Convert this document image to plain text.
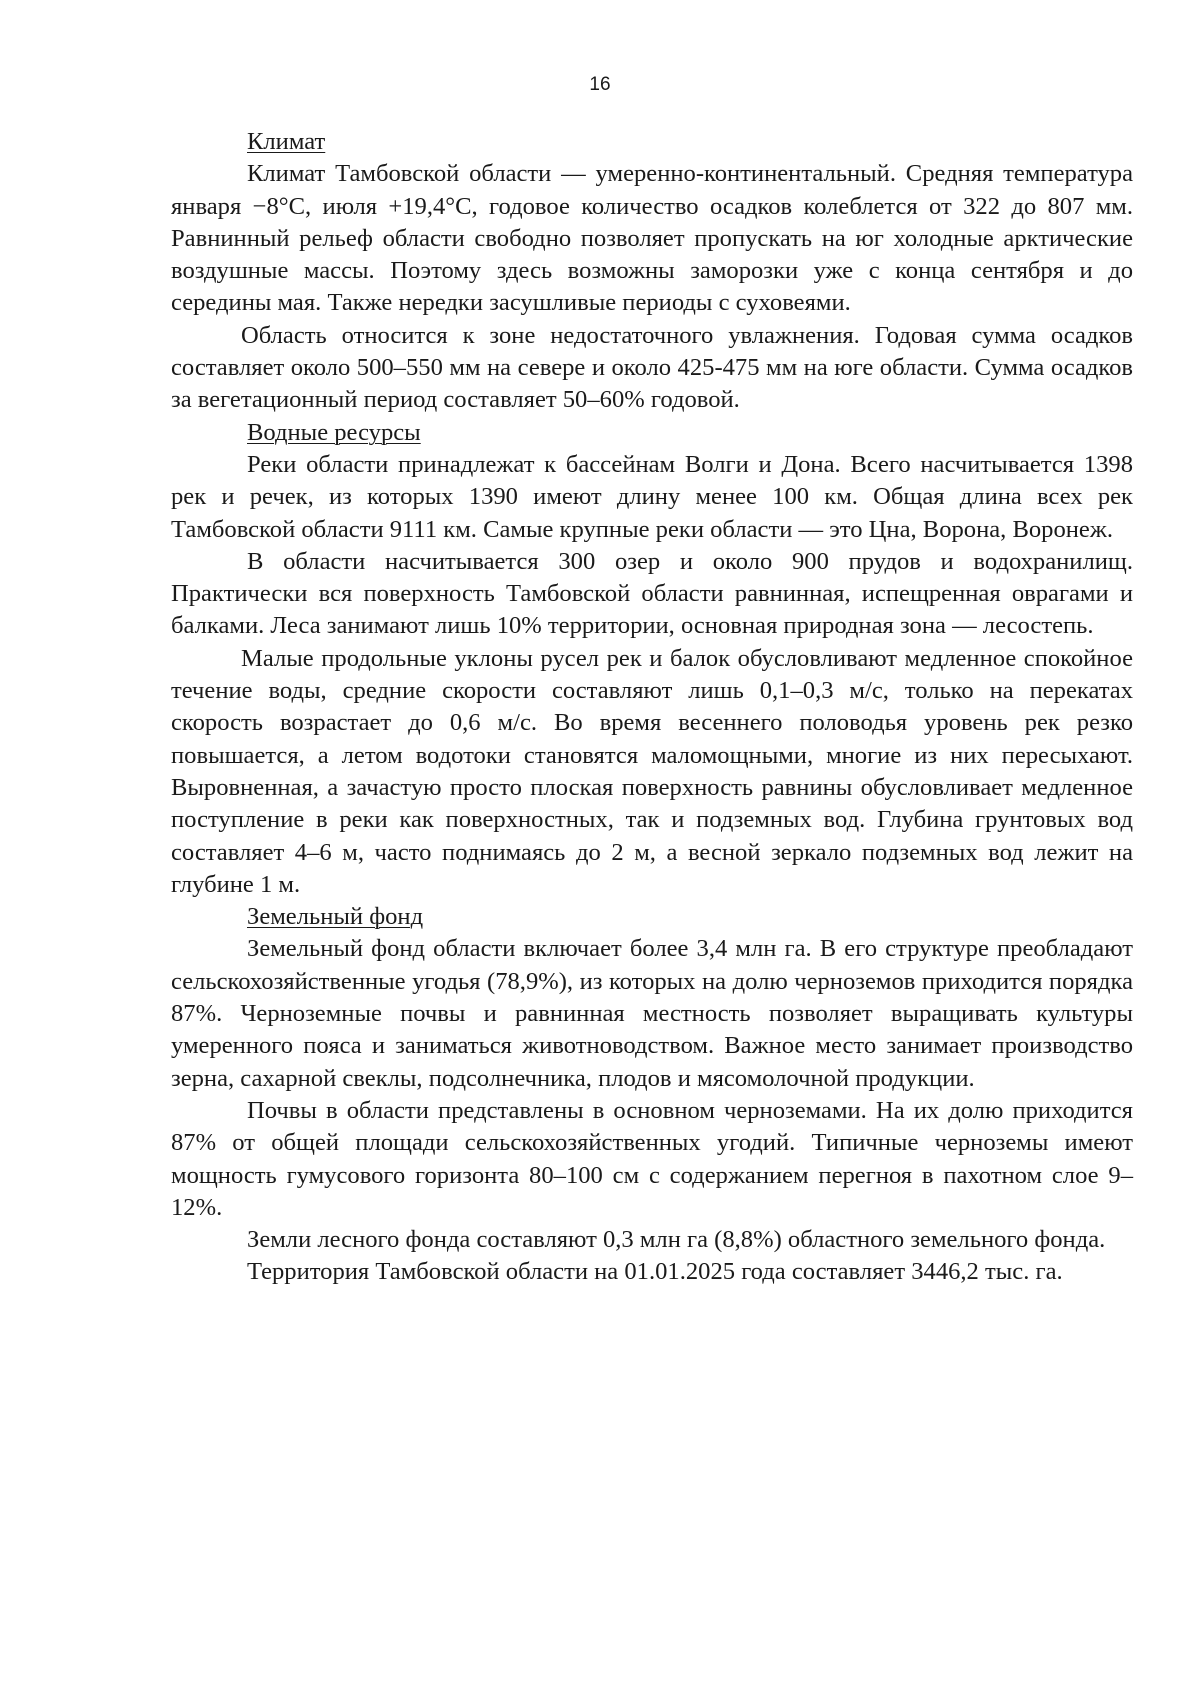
16

Климат

Климат Тамбовской области — умеренно-континентальный. Средняя температура января −8°С, июля +19,4°С, годовое количество осадков колеблется от 322 до 807 мм. Равнинный рельеф области свободно позволяет пропускать на юг холодные арктические воздушные массы. Поэтому здесь возможны заморозки уже с конца сентября и до середины мая. Также нередки засушливые периоды с суховеями.

Область относится к зоне недостаточного увлажнения. Годовая сумма осадков составляет около 500–550 мм на севере и около 425-475 мм на юге области. Сумма осадков за вегетационный период составляет 50–60% годовой.

Водные ресурсы

Реки области принадлежат к бассейнам Волги и Дона. Всего насчитывается 1398 рек и речек, из которых 1390 имеют длину менее 100 км. Общая длина всех рек Тамбовской области 9111 км. Самые крупные реки области — это Цна, Ворона, Воронеж.

В области насчитывается 300 озер и около 900 прудов и водохранилищ. Практически вся поверхность Тамбовской области равнинная, испещренная оврагами и балками. Леса занимают лишь 10% территории, основная природная зона — лесостепь.

Малые продольные уклоны русел рек и балок обусловливают медленное спокойное течение воды, средние скорости составляют лишь 0,1–0,3 м/с, только на перекатах скорость возрастает до 0,6 м/с. Во время весеннего половодья уровень рек резко повышается, а летом водотоки становятся маломощными, многие из них пересыхают. Выровненная, а зачастую просто плоская поверхность равнины обусловливает медленное поступление в реки как поверхностных, так и подземных вод. Глубина грунтовых вод составляет 4–6 м, часто поднимаясь до 2 м, а весной зеркало подземных вод лежит на глубине 1 м.

Земельный фонд

Земельный фонд области включает более 3,4 млн га. В его структуре преобладают сельскохозяйственные угодья (78,9%), из которых на долю черноземов приходится порядка 87%. Черноземные почвы и равнинная местность позволяет выращивать культуры умеренного пояса и заниматься животноводством. Важное место занимает производство зерна, сахарной свеклы, подсолнечника, плодов и мясомолочной продукции.

Почвы в области представлены в основном черноземами. На их долю приходится 87% от общей площади сельскохозяйственных угодий. Типичные черноземы имеют мощность гумусового горизонта 80–100 см с содержанием перегноя в пахотном слое 9–12%.

Земли лесного фонда составляют 0,3 млн га (8,8%) областного земельного фонда.

Территория Тамбовской области на 01.01.2025 года составляет 3446,2 тыс. га.
